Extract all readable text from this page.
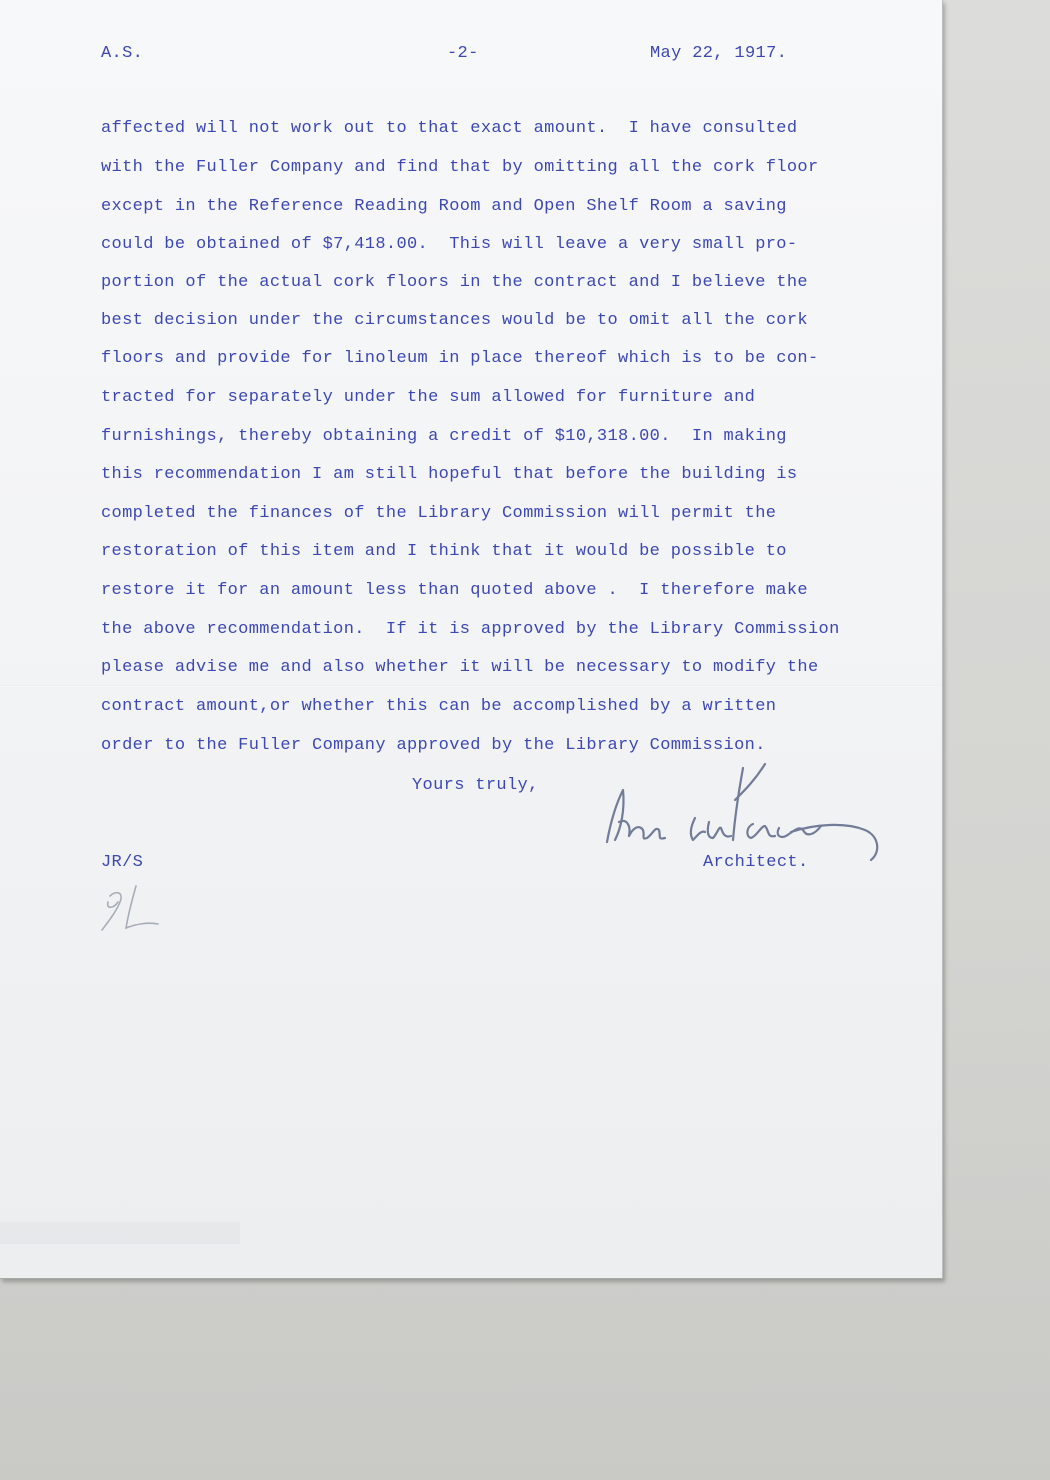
A.S.	-2-	May 22, 1917.
affected will not work out to that exact amount.  I have consulted
with the Fuller Company and find that by omitting all the cork floor
except in the Reference Reading Room and Open Shelf Room a saving
could be obtained of $7,418.00.  This will leave a very small pro-
portion of the actual cork floors in the contract and I believe the
best decision under the circumstances would be to omit all the cork
floors and provide for linoleum in place thereof which is to be con-
tracted for separately under the sum allowed for furniture and
furnishings, thereby obtaining a credit of $10,318.00.  In making
this recommendation I am still hopeful that before the building is
completed the finances of the Library Commission will permit the
restoration of this item and I think that it would be possible to
restore it for an amount less than quoted above .  I therefore make
the above recommendation.  If it is approved by the Library Commission
please advise me and also whether it will be necessary to modify the
contract amount,or whether this can be accomplished by a written
order to the Fuller Company approved by the Library Commission.
Yours truly,
JR/S	Architect.
